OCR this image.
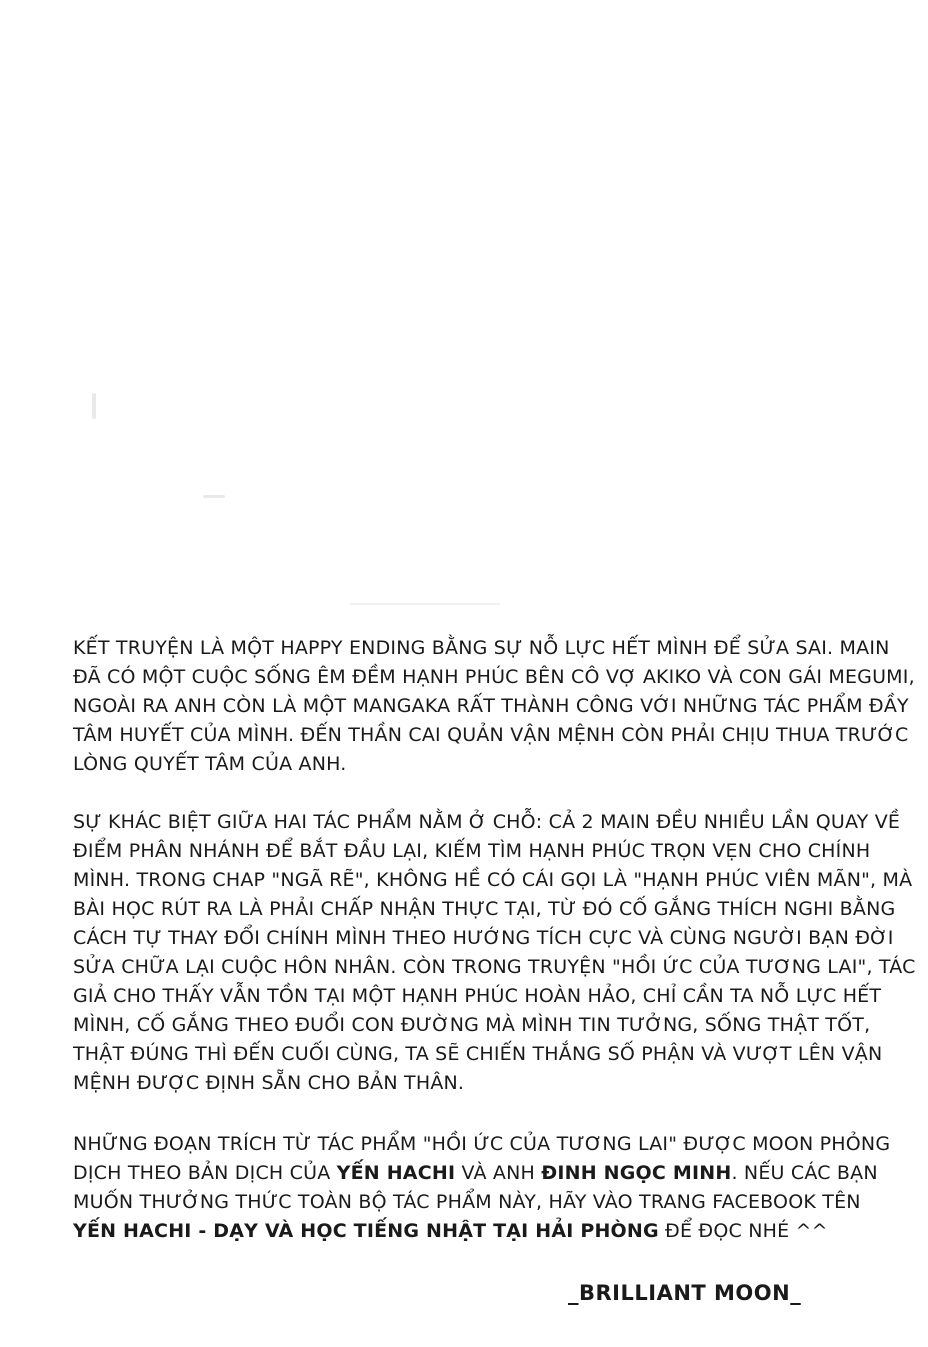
KẾT TRUYỆN LÀ MỘT HAPPY ENDING BẰNG SỰ NỖ LỰC HẾT MÌNH ĐỂ SỬA SAI. MAIN
ĐÃ CÓ MỘT CUỘC SỐNG ÊM ĐỀM HẠNH PHÚC BÊN CÔ VỢ AKIKO VÀ CON GÁI MEGUMI,
NGOÀI RA ANH CÒN LÀ MỘT MANGAKA RẤT THÀNH CÔNG VỚI NHỮNG TÁC PHẨM ĐẦY
TÂM HUYẾT CỦA MÌNH. ĐẾN THẦN CAI QUẢN VẬN MỆNH CÒN PHẢI CHỊU THUA TRƯỚC
LÒNG QUYẾT TÂM CỦA ANH.
SỰ KHÁC BIỆT GIỮA HAI TÁC PHẨM NẰM Ở CHỖ: CẢ 2 MAIN ĐỀU NHIỀU LẦN QUAY VỀ
ĐIỂM PHÂN NHÁNH ĐỂ BẮT ĐẦU LẠI, KIẾM TÌM HẠNH PHÚC TRỌN VẸN CHO CHÍNH
MÌNH. TRONG CHAP "NGÃ RẼ", KHÔNG HỀ CÓ CÁI GỌI LÀ "HẠNH PHÚC VIÊN MÃN", MÀ
BÀI HỌC RÚT RA LÀ PHẢI CHẤP NHẬN THỰC TẠI, TỪ ĐÓ CỐ GẮNG THÍCH NGHI BẰNG
CÁCH TỰ THAY ĐỔI CHÍNH MÌNH THEO HƯỚNG TÍCH CỰC VÀ CÙNG NGƯỜI BẠN ĐỜI
SỬA CHỮA LẠI CUỘC HÔN NHÂN. CÒN TRONG TRUYỆN "HỒI ỨC CỦA TƯƠNG LAI", TÁC
GIẢ CHO THẤY VẪN TỒN TẠI MỘT HẠNH PHÚC HOÀN HẢO, CHỈ CẦN TA NỖ LỰC HẾT
MÌNH, CỐ GẮNG THEO ĐUỔI CON ĐƯỜNG MÀ MÌNH TIN TƯỞNG, SỐNG THẬT TỐT,
THẬT ĐÚNG THÌ ĐẾN CUỐI CÙNG, TA SẼ CHIẾN THẮNG SỐ PHẬN VÀ VƯỢT LÊN VẬN
MỆNH ĐƯỢC ĐỊNH SẴN CHO BẢN THÂN.
NHỮNG ĐOẠN TRÍCH TỪ TÁC PHẨM "HỒI ỨC CỦA TƯƠNG LAI" ĐƯỢC MOON PHỎNG
DỊCH THEO BẢN DỊCH CỦA YẾN HACHI VÀ ANH ĐINH NGỌC MINH. NẾU CÁC BẠN
MUỐN THƯỞNG THỨC TOÀN BỘ TÁC PHẨM NÀY, HÃY VÀO TRANG FACEBOOK TÊN
YẾN HACHI - DẠY VÀ HỌC TIẾNG NHẬT TẠI HẢI PHÒNG ĐỂ ĐỌC NHÉ ^^
_BRILLIANT MOON_
